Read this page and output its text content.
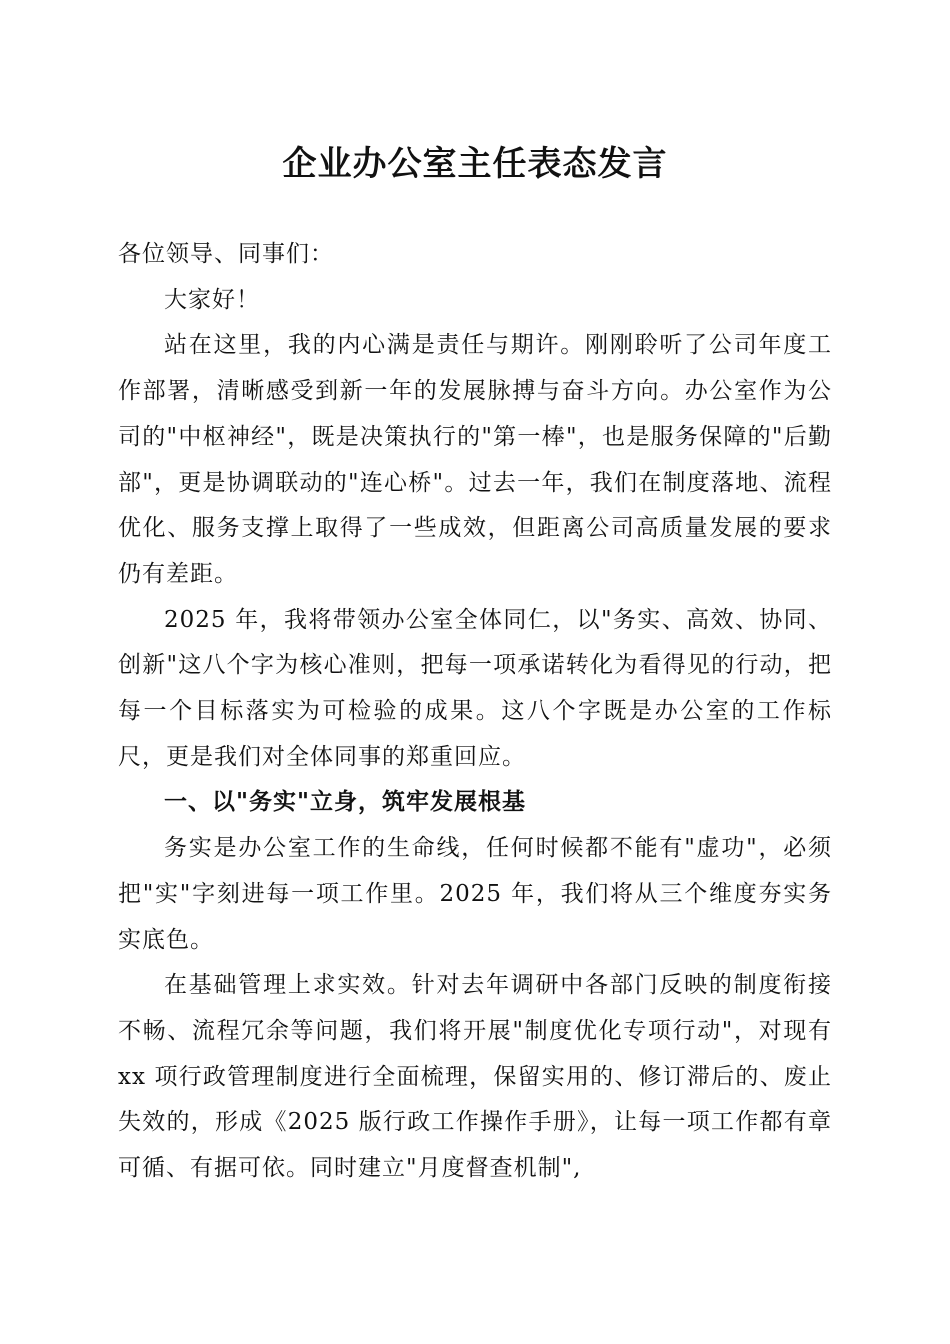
企业办公室主任表态发言

各位领导、同事们：

大家好！

站在这里，我的内心满是责任与期许。刚刚聆听了公司年度工作部署，清晰感受到新一年的发展脉搏与奋斗方向。办公室作为公司的"中枢神经"，既是决策执行的"第一棒"，也是服务保障的"后勤部"，更是协调联动的"连心桥"。过去一年，我们在制度落地、流程优化、服务支撑上取得了一些成效，但距离公司高质量发展的要求仍有差距。

2025 年，我将带领办公室全体同仁，以"务实、高效、协同、创新"这八个字为核心准则，把每一项承诺转化为看得见的行动，把每一个目标落实为可检验的成果。这八个字既是办公室的工作标尺，更是我们对全体同事的郑重回应。

一、以"务实"立身，筑牢发展根基

务实是办公室工作的生命线，任何时候都不能有"虚功"，必须把"实"字刻进每一项工作里。2025 年，我们将从三个维度夯实务实底色。

在基础管理上求实效。针对去年调研中各部门反映的制度衔接不畅、流程冗余等问题，我们将开展"制度优化专项行动"，对现有 xx 项行政管理制度进行全面梳理，保留实用的、修订滞后的、废止失效的，形成《2025 版行政工作操作手册》，让每一项工作都有章可循、有据可依。同时建立"月度督查机制",
